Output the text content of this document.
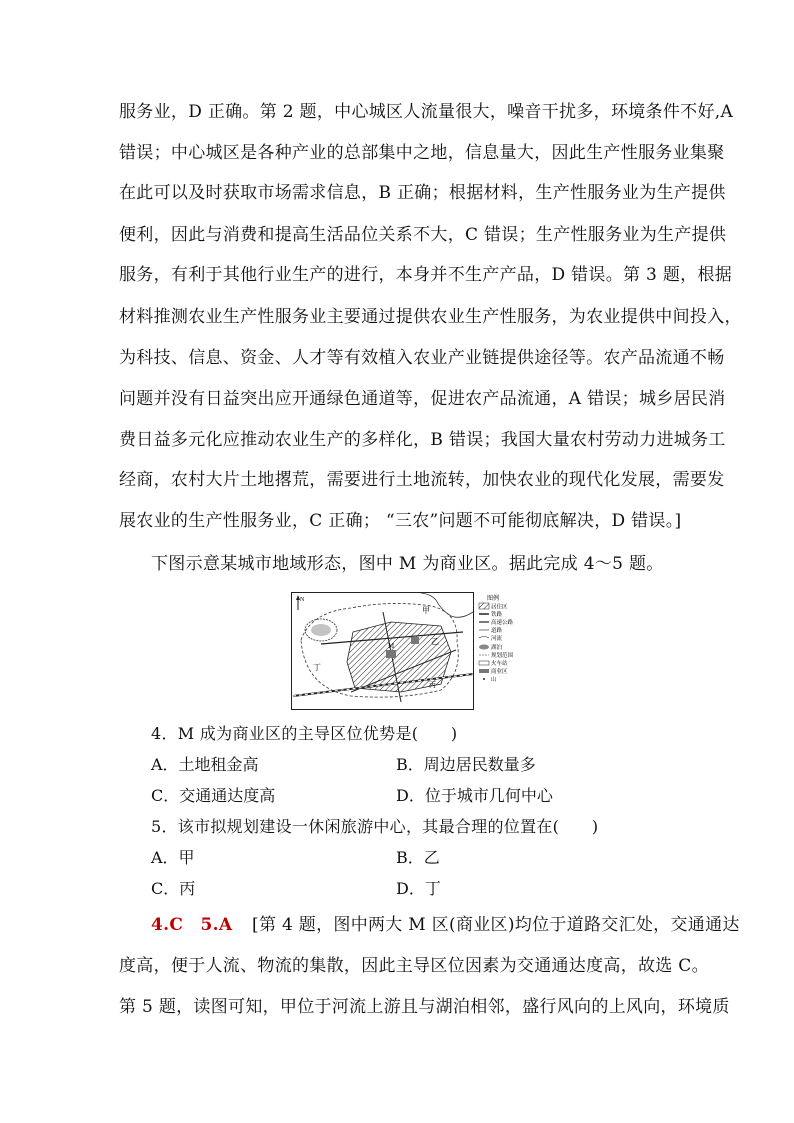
服务业，D 正确。第 2 题，中心城区人流量很大，噪音干扰多，环境条件不好,A
错误；中心城区是各种产业的总部集中之地，信息量大，因此生产性服务业集聚
在此可以及时获取市场需求信息，B 正确；根据材料，生产性服务业为生产提供
便利，因此与消费和提高生活品位关系不大，C 错误；生产性服务业为生产提供
服务，有利于其他行业生产的进行，本身并不生产产品，D 错误。第 3 题，根据
材料推测农业生产性服务业主要通过提供农业生产性服务，为农业提供中间投入，
为科技、信息、资金、人才等有效植入农业产业链提供途径等。农产品流通不畅
问题并没有日益突出应开通绿色通道等，促进农产品流通，A 错误；城乡居民消
费日益多元化应推动农业生产的多样化，B 错误；我国大量农村劳动力进城务工
经商，农村大片土地撂荒，需要进行土地流转，加快农业的现代化发展，需要发
展农业的生产性服务业，C 正确； “三农”问题不可能彻底解决，D 错误。]
下图示意某城市地域形态，图中 M 为商业区。据此完成 4～5 题。
N
甲
乙
丙
丁
M
图例
居住区
铁路
高速公路
道路
河流
湖泊
规划范围
火车站
商业区
山
4．M 成为商业区的主导区位优势是(　　)
A．土地租金高	B．周边居民数量多
C．交通通达度高	D．位于城市几何中心
5．该市拟规划建设一休闲旅游中心，其最合理的位置在(　　)
A．甲	B．乙
C．丙	D．丁
4.C　5.A [第 4 题，图中两大 M 区(商业区)均位于道路交汇处，交通通达
度高，便于人流、物流的集散，因此主导区位因素为交通通达度高，故选 C。
第 5 题，读图可知，甲位于河流上游且与湖泊相邻，盛行风向的上风向，环境质
